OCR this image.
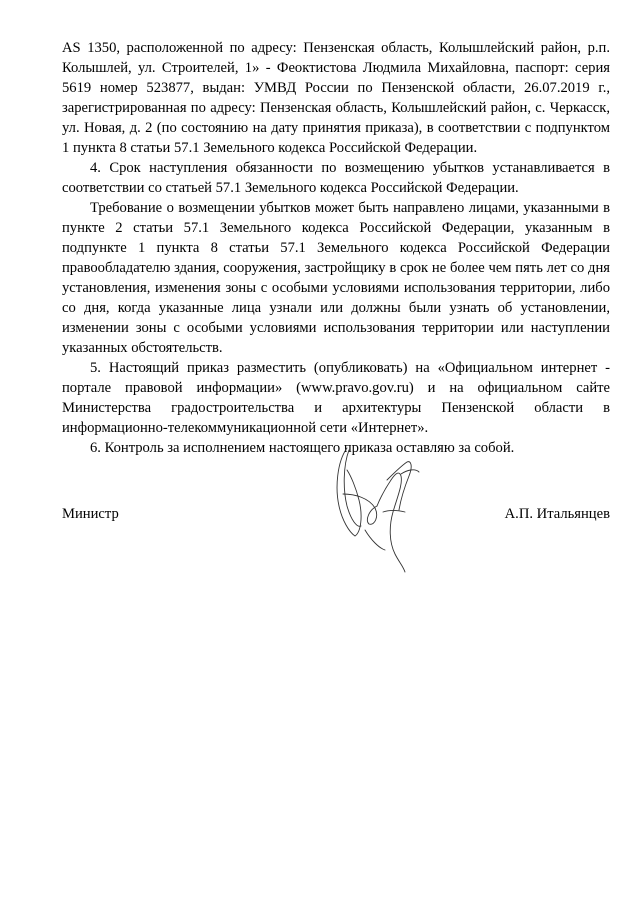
AS 1350, расположенной по адресу: Пензенская область, Колышлейский район, р.п. Колышлей, ул. Строителей, 1» - Феоктистова Людмила Михайловна, паспорт: серия 5619 номер 523877, выдан: УМВД России по Пензенской области, 26.07.2019 г., зарегистрированная по адресу: Пензенская область, Колышлейский район, с. Черкасск, ул. Новая, д. 2 (по состоянию на дату принятия приказа), в соответствии с подпунктом 1 пункта 8 статьи 57.1 Земельного кодекса Российской Федерации.

4. Срок наступления обязанности по возмещению убытков устанавливается в соответствии со статьей 57.1 Земельного кодекса Российской Федерации.

Требование о возмещении убытков может быть направлено лицами, указанными в пункте 2 статьи 57.1 Земельного кодекса Российской Федерации, указанным в подпункте 1 пункта 8 статьи 57.1 Земельного кодекса Российской Федерации правообладателю здания, сооружения, застройщику в срок не более чем пять лет со дня установления, изменения зоны с особыми условиями использования территории, либо со дня, когда указанные лица узнали или должны были узнать об установлении, изменении зоны с особыми условиями использования территории или наступлении указанных обстоятельств.

5. Настоящий приказ разместить (опубликовать) на «Официальном интернет - портале правовой информации» (www.pravo.gov.ru) и на официальном сайте Министерства градостроительства и архитектуры Пензенской области в информационно-телекоммуникационной сети «Интернет».

6. Контроль за исполнением настоящего приказа оставляю за собой.

Министр	А.П. Итальянцев
